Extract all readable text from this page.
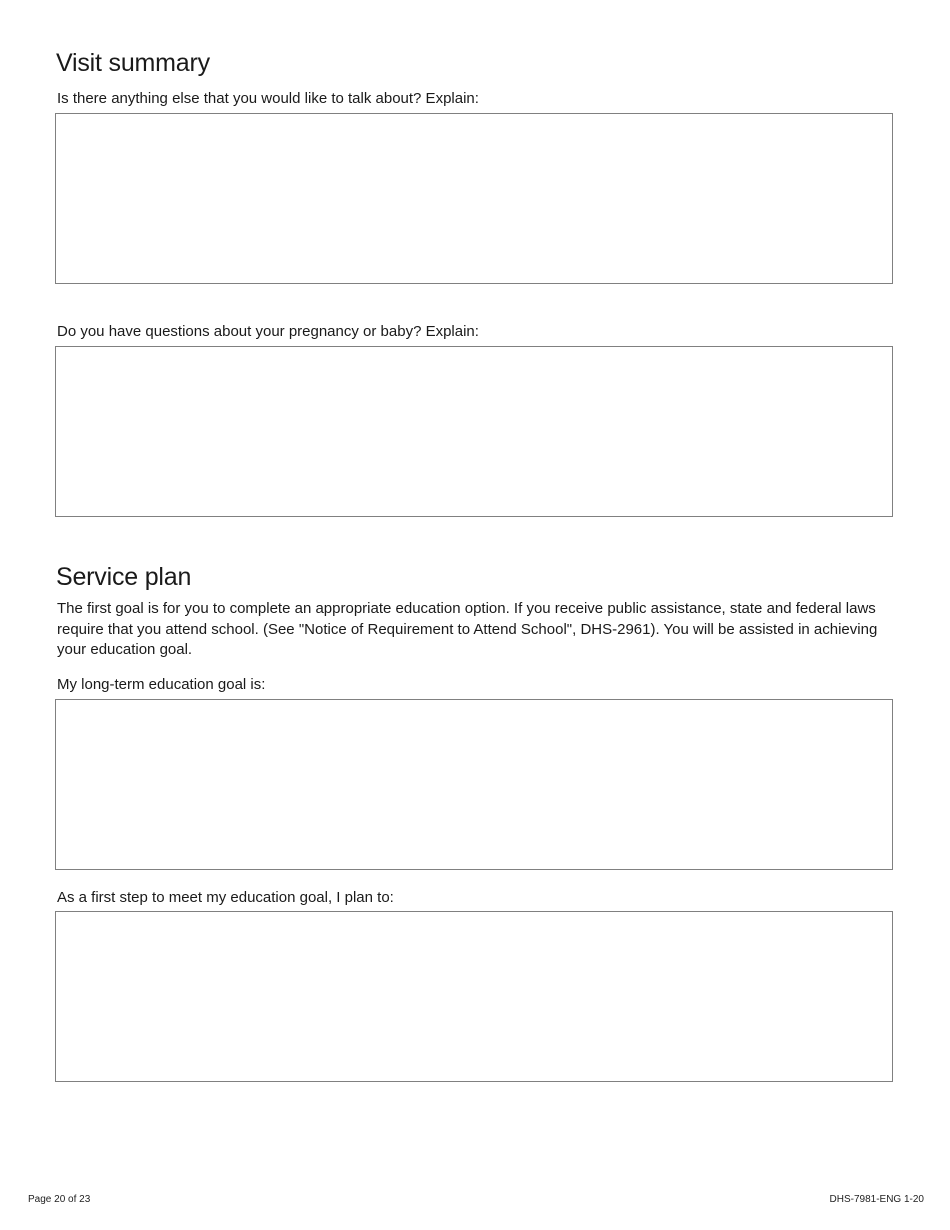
Visit summary

Is there anything else that you would like to talk about? Explain:

Do you have questions about your pregnancy or baby? Explain:

Service plan

The first goal is for you to complete an appropriate education option. If you receive public assistance, state and federal laws require that you attend school. (See "Notice of Requirement to Attend School", DHS-2961). You will be assisted in achieving your education goal.

My long-term education goal is:

As a first step to meet my education goal, I plan to:

Page 20 of 23	DHS-7981-ENG 1-20
